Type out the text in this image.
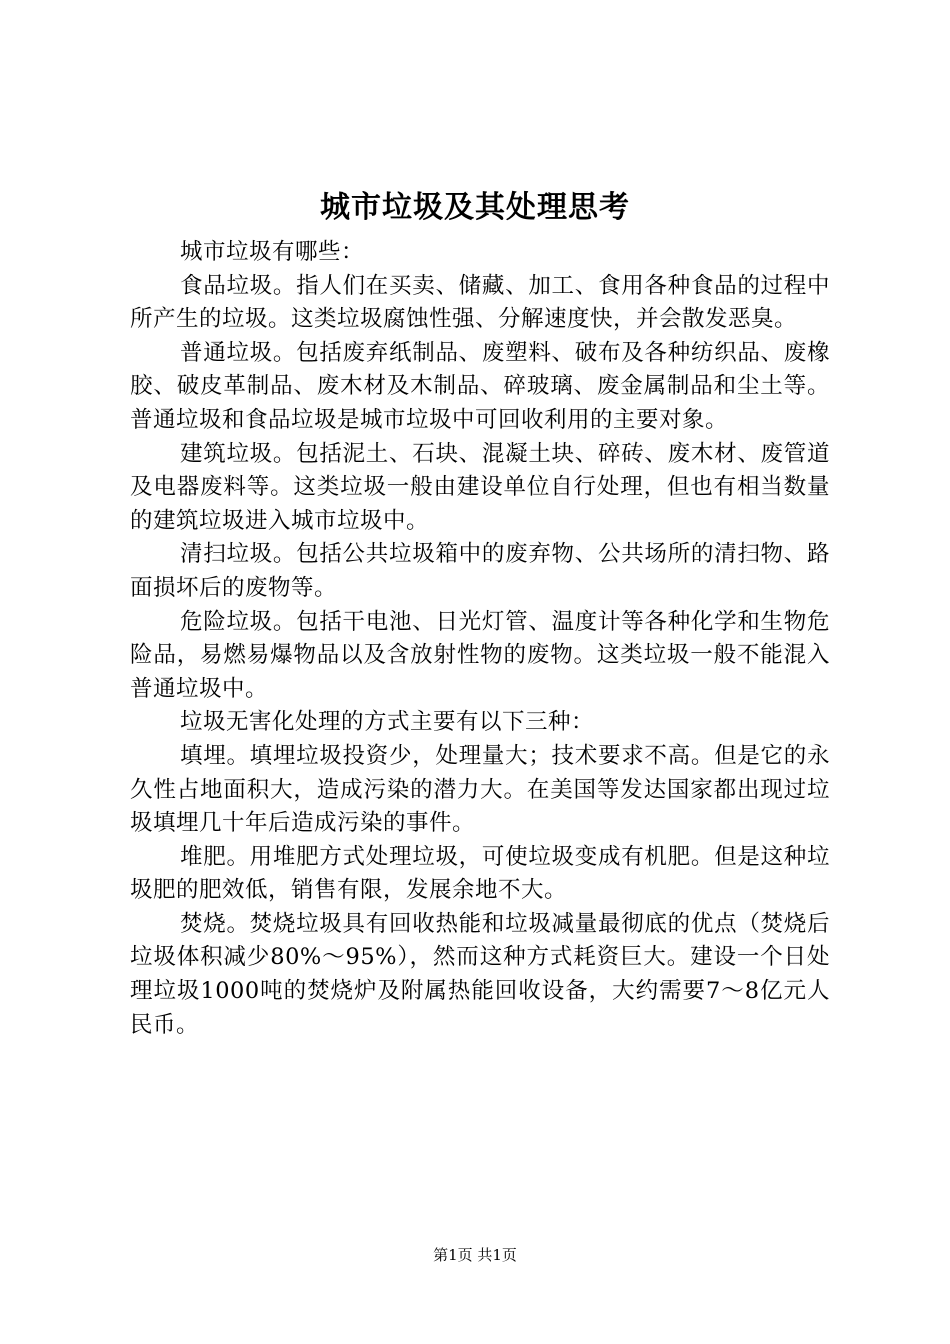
城市垃圾及其处理思考

城市垃圾有哪些：

食品垃圾。指人们在买卖、储藏、加工、食用各种食品的过程中所产生的垃圾。这类垃圾腐蚀性强、分解速度快，并会散发恶臭。

普通垃圾。包括废弃纸制品、废塑料、破布及各种纺织品、废橡胶、破皮革制品、废木材及木制品、碎玻璃、废金属制品和尘土等。普通垃圾和食品垃圾是城市垃圾中可回收利用的主要对象。

建筑垃圾。包括泥土、石块、混凝土块、碎砖、废木材、废管道及电器废料等。这类垃圾一般由建设单位自行处理，但也有相当数量的建筑垃圾进入城市垃圾中。

清扫垃圾。包括公共垃圾箱中的废弃物、公共场所的清扫物、路面损坏后的废物等。

危险垃圾。包括干电池、日光灯管、温度计等各种化学和生物危险品，易燃易爆物品以及含放射性物的废物。这类垃圾一般不能混入普通垃圾中。

垃圾无害化处理的方式主要有以下三种：

填埋。填埋垃圾投资少，处理量大；技术要求不高。但是它的永久性占地面积大，造成污染的潜力大。在美国等发达国家都出现过垃圾填埋几十年后造成污染的事件。

堆肥。用堆肥方式处理垃圾，可使垃圾变成有机肥。但是这种垃圾肥的肥效低，销售有限，发展余地不大。

焚烧。焚烧垃圾具有回收热能和垃圾减量最彻底的优点（焚烧后垃圾体积减少80%～95%），然而这种方式耗资巨大。建设一个日处理垃圾1000吨的焚烧炉及附属热能回收设备，大约需要7～8亿元人民币。

第1页 共1页
